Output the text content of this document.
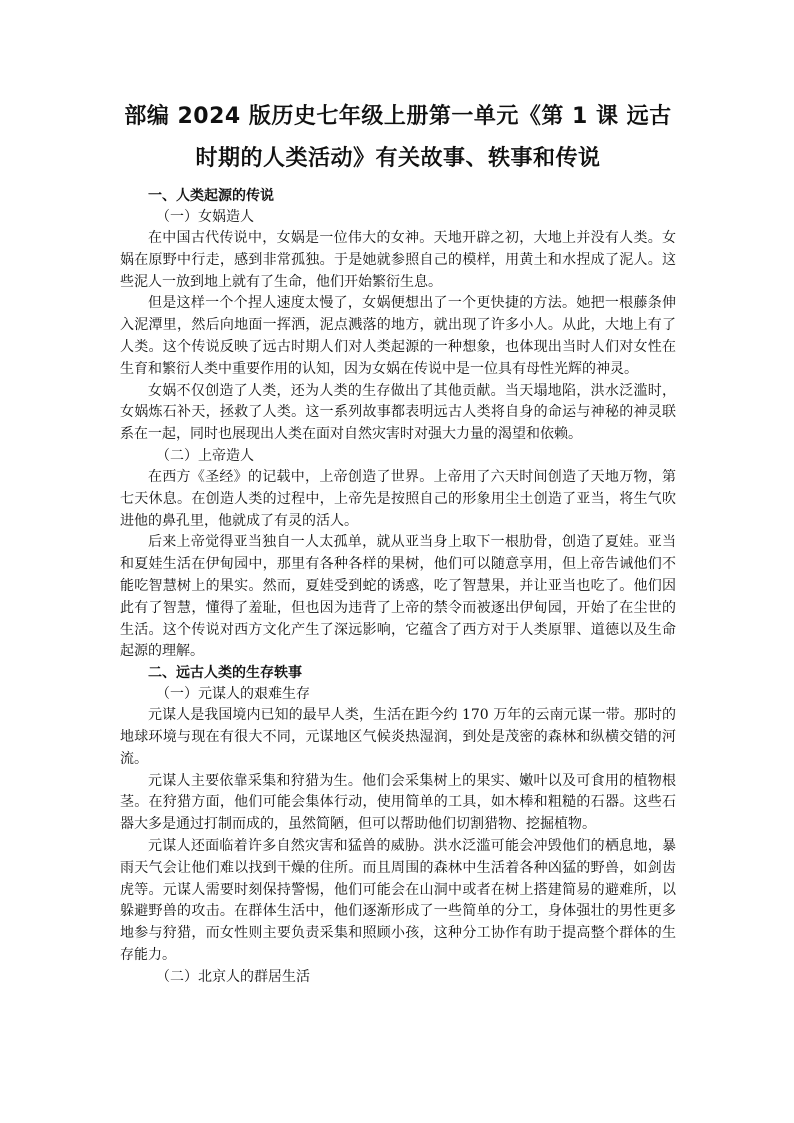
部编 2024 版历史七年级上册第一单元《第 1 课 远古时期的人类活动》有关故事、轶事和传说
一、人类起源的传说
（一）女娲造人

在中国古代传说中，女娲是一位伟大的女神。天地开辟之初，大地上并没有人类。女娲在原野中行走，感到非常孤独。于是她就参照自己的模样，用黄土和水捏成了泥人。这些泥人一放到地上就有了生命，他们开始繁衍生息。

但是这样一个个捏人速度太慢了，女娲便想出了一个更快捷的方法。她把一根藤条伸入泥潭里，然后向地面一挥洒，泥点溅落的地方，就出现了许多小人。从此，大地上有了人类。这个传说反映了远古时期人们对人类起源的一种想象，也体现出当时人们对女性在生育和繁衍人类中重要作用的认知，因为女娲在传说中是一位具有母性光辉的神灵。

女娲不仅创造了人类，还为人类的生存做出了其他贡献。当天塌地陷，洪水泛滥时，女娲炼石补天，拯救了人类。这一系列故事都表明远古人类将自身的命运与神秘的神灵联系在一起，同时也展现出人类在面对自然灾害时对强大力量的渴望和依赖。

（二）上帝造人

在西方《圣经》的记载中，上帝创造了世界。上帝用了六天时间创造了天地万物，第七天休息。在创造人类的过程中，上帝先是按照自己的形象用尘土创造了亚当，将生气吹进他的鼻孔里，他就成了有灵的活人。

后来上帝觉得亚当独自一人太孤单，就从亚当身上取下一根肋骨，创造了夏娃。亚当和夏娃生活在伊甸园中，那里有各种各样的果树，他们可以随意享用，但上帝告诫他们不能吃智慧树上的果实。然而，夏娃受到蛇的诱惑，吃了智慧果，并让亚当也吃了。他们因此有了智慧，懂得了羞耻，但也因为违背了上帝的禁令而被逐出伊甸园，开始了在尘世的生活。这个传说对西方文化产生了深远影响，它蕴含了西方对于人类原罪、道德以及生命起源的理解。

二、远古人类的生存轶事
（一）元谋人的艰难生存

元谋人是我国境内已知的最早人类，生活在距今约 170 万年的云南元谋一带。那时的地球环境与现在有很大不同，元谋地区气候炎热湿润，到处是茂密的森林和纵横交错的河流。

元谋人主要依靠采集和狩猎为生。他们会采集树上的果实、嫩叶以及可食用的植物根茎。在狩猎方面，他们可能会集体行动，使用简单的工具，如木棒和粗糙的石器。这些石器大多是通过打制而成的，虽然简陋，但可以帮助他们切割猎物、挖掘植物。

元谋人还面临着许多自然灾害和猛兽的威胁。洪水泛滥可能会冲毁他们的栖息地，暴雨天气会让他们难以找到干燥的住所。而且周围的森林中生活着各种凶猛的野兽，如剑齿虎等。元谋人需要时刻保持警惕，他们可能会在山洞中或者在树上搭建简易的避难所，以躲避野兽的攻击。在群体生活中，他们逐渐形成了一些简单的分工，身体强壮的男性更多地参与狩猎，而女性则主要负责采集和照顾小孩，这种分工协作有助于提高整个群体的生存能力。

（二）北京人的群居生活
